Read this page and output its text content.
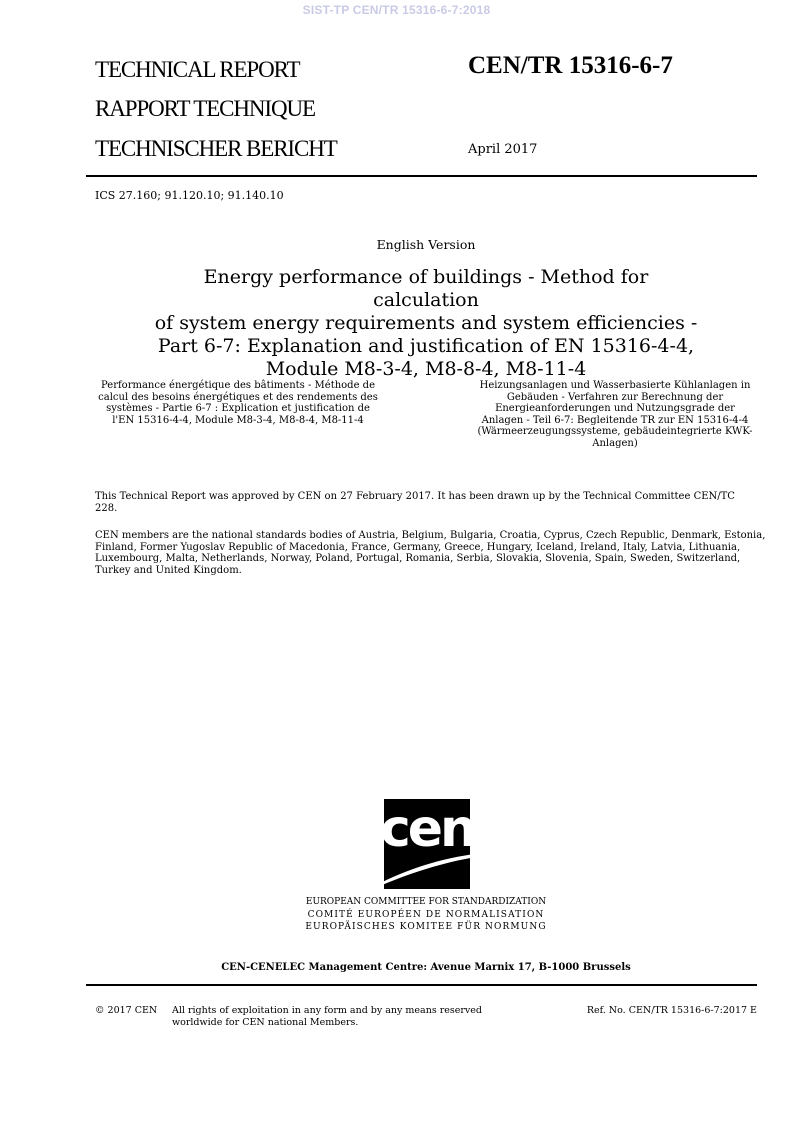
SIST-TP CEN/TR 15316-6-7:2018
TECHNICAL REPORT
RAPPORT TECHNIQUE
TECHNISCHER BERICHT
CEN/TR 15316-6-7
April 2017
ICS 27.160; 91.120.10; 91.140.10
English Version
Energy performance of buildings - Method for calculation
of system energy requirements and system efficiencies -
Part 6-7: Explanation and justification of EN 15316-4-4,
Module M8-3-4, M8-8-4, M8-11-4
Performance énergétique des bâtiments - Méthode de
calcul des besoins énergétiques et des rendements des
systèmes - Partie 6-7 : Explication et justification de
l'EN 15316-4-4, Module M8-3-4, M8-8-4, M8-11-4
Heizungsanlagen und Wasserbasierte Kühlanlagen in
Gebäuden - Verfahren zur Berechnung der
Energieanforderungen und Nutzungsgrade der
Anlagen - Teil 6-7: Begleitende TR zur EN 15316-4-4
(Wärmeerzeugungssysteme, gebäudeintegrierte KWK-
Anlagen)
This Technical Report was approved by CEN on 27 February 2017. It has been drawn up by the Technical Committee CEN/TC
228.
CEN members are the national standards bodies of Austria, Belgium, Bulgaria, Croatia, Cyprus, Czech Republic, Denmark, Estonia,
Finland, Former Yugoslav Republic of Macedonia, France, Germany, Greece, Hungary, Iceland, Ireland, Italy, Latvia, Lithuania,
Luxembourg, Malta, Netherlands, Norway, Poland, Portugal, Romania, Serbia, Slovakia, Slovenia, Spain, Sweden, Switzerland,
Turkey and United Kingdom.
cen
EUROPEAN COMMITTEE FOR STANDARDIZATION
COMITÉ EUROPÉEN DE NORMALISATION
EUROPÄISCHES KOMITEE FÜR NORMUNG
CEN-CENELEC Management Centre: Avenue Marnix 17, B-1000 Brussels
© 2017 CEN All rights of exploitation in any form and by any means reserved
worldwide for CEN national Members.
Ref. No. CEN/TR 15316-6-7:2017 E
